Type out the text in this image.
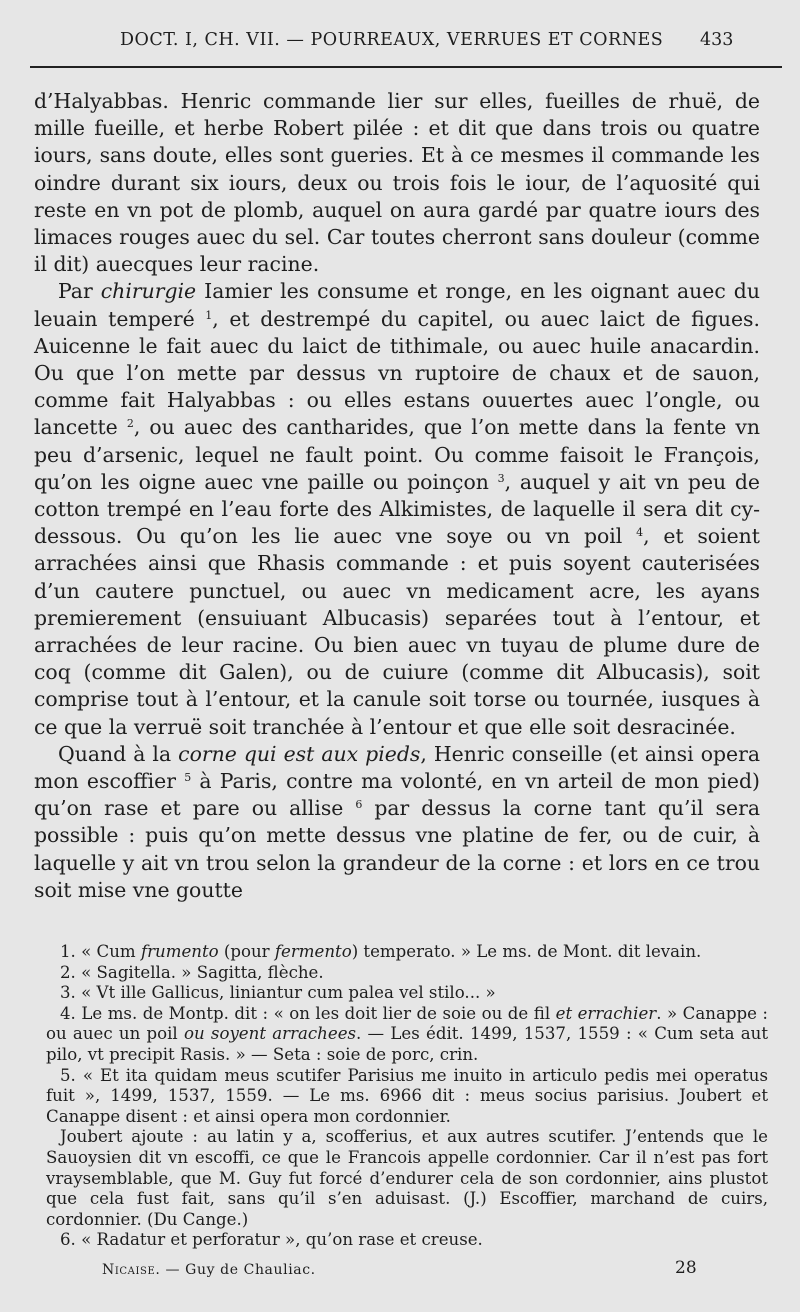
DOCT. I, CH. VII. — POURREAUX, VERRUES ET CORNES	433

d’Halyabbas. Henric commande lier sur elles, fueilles de rhuë, de mille fueille, et herbe Robert pilée : et dit que dans trois ou quatre iours, sans doute, elles sont gueries. Et à ce mesmes il commande les oindre durant six iours, deux ou trois fois le iour, de l’aquosité qui reste en vn pot de plomb, auquel on aura gardé par quatre iours des limaces rouges auec du sel. Car toutes cherront sans douleur (comme il dit) auecques leur racine.

Par chirurgie Iamier les consume et ronge, en les oignant auec du leuain temperé $^1$, et destrempé du capitel, ou auec laict de figues. Auicenne le fait auec du laict de tithimale, ou auec huile anacardin. Ou que l’on mette par dessus vn ruptoire de chaux et de sauon, comme fait Halyabbas : ou elles estans ouuertes auec l’ongle, ou lancette $^2$, ou auec des cantharides, que l’on mette dans la fente vn peu d’arsenic, lequel ne fault point. Ou comme faisoit le François, qu’on les oigne auec vne paille ou poinçon $^3$, auquel y ait vn peu de cotton trempé en l’eau forte des Alkimistes, de laquelle il sera dit cy-dessous. Ou qu’on les lie auec vne soye ou vn poil $^4$, et soient arrachées ainsi que Rhasis commande : et puis soyent cauterisées d’un cautere punctuel, ou auec vn medicament acre, les ayans premierement (ensuiuant Albucasis) separées tout à l’entour, et arrachées de leur racine. Ou bien auec vn tuyau de plume dure de coq (comme dit Galen), ou de cuiure (comme dit Albucasis), soit comprise tout à l’entour, et la canule soit torse ou tournée, iusques à ce que la verruë soit tranchée à l’entour et que elle soit desracinée.

Quand à la corne qui est aux pieds, Henric conseille (et ainsi opera mon escoffier $^5$ à Paris, contre ma volonté, en vn arteil de mon pied) qu’on rase et pare ou allise $^6$ par dessus la corne tant qu’il sera possible : puis qu’on mette dessus vne platine de fer, ou de cuir, à laquelle y ait vn trou selon la grandeur de la corne : et lors en ce trou soit mise vne goutte

1. « Cum frumento (pour fermento) temperato. » Le ms. de Mont. dit levain.

2. « Sagitella. » Sagitta, flèche.

3. « Vt ille Gallicus, liniantur cum palea vel stilo... »

4. Le ms. de Montp. dit : « on les doit lier de soie ou de fil et errachier. » Canappe : ou auec un poil ou soyent arrachees. — Les édit. 1499, 1537, 1559 : « Cum seta aut pilo, vt precipit Rasis. » — Seta : soie de porc, crin.

5. « Et ita quidam meus scutifer Parisius me inuito in articulo pedis mei operatus fuit », 1499, 1537, 1559. — Le ms. 6966 dit : meus socius parisius. Joubert et Canappe disent : et ainsi opera mon cordonnier.

Joubert ajoute : au latin y a, scofferius, et aux autres scutifer. J’entends que le Sauoysien dit vn escoffi, ce que le Francois appelle cordonnier. Car il n’est pas fort vraysemblable, que M. Guy fut forcé d’endurer cela de son cordonnier, ains plustot que cela fust fait, sans qu’il s’en aduisast. (J.) Escoffier, marchand de cuirs, cordonnier. (Du Cange.)

6. « Radatur et perforatur », qu’on rase et creuse.

Nicaise. — Guy de Chauliac.	28
